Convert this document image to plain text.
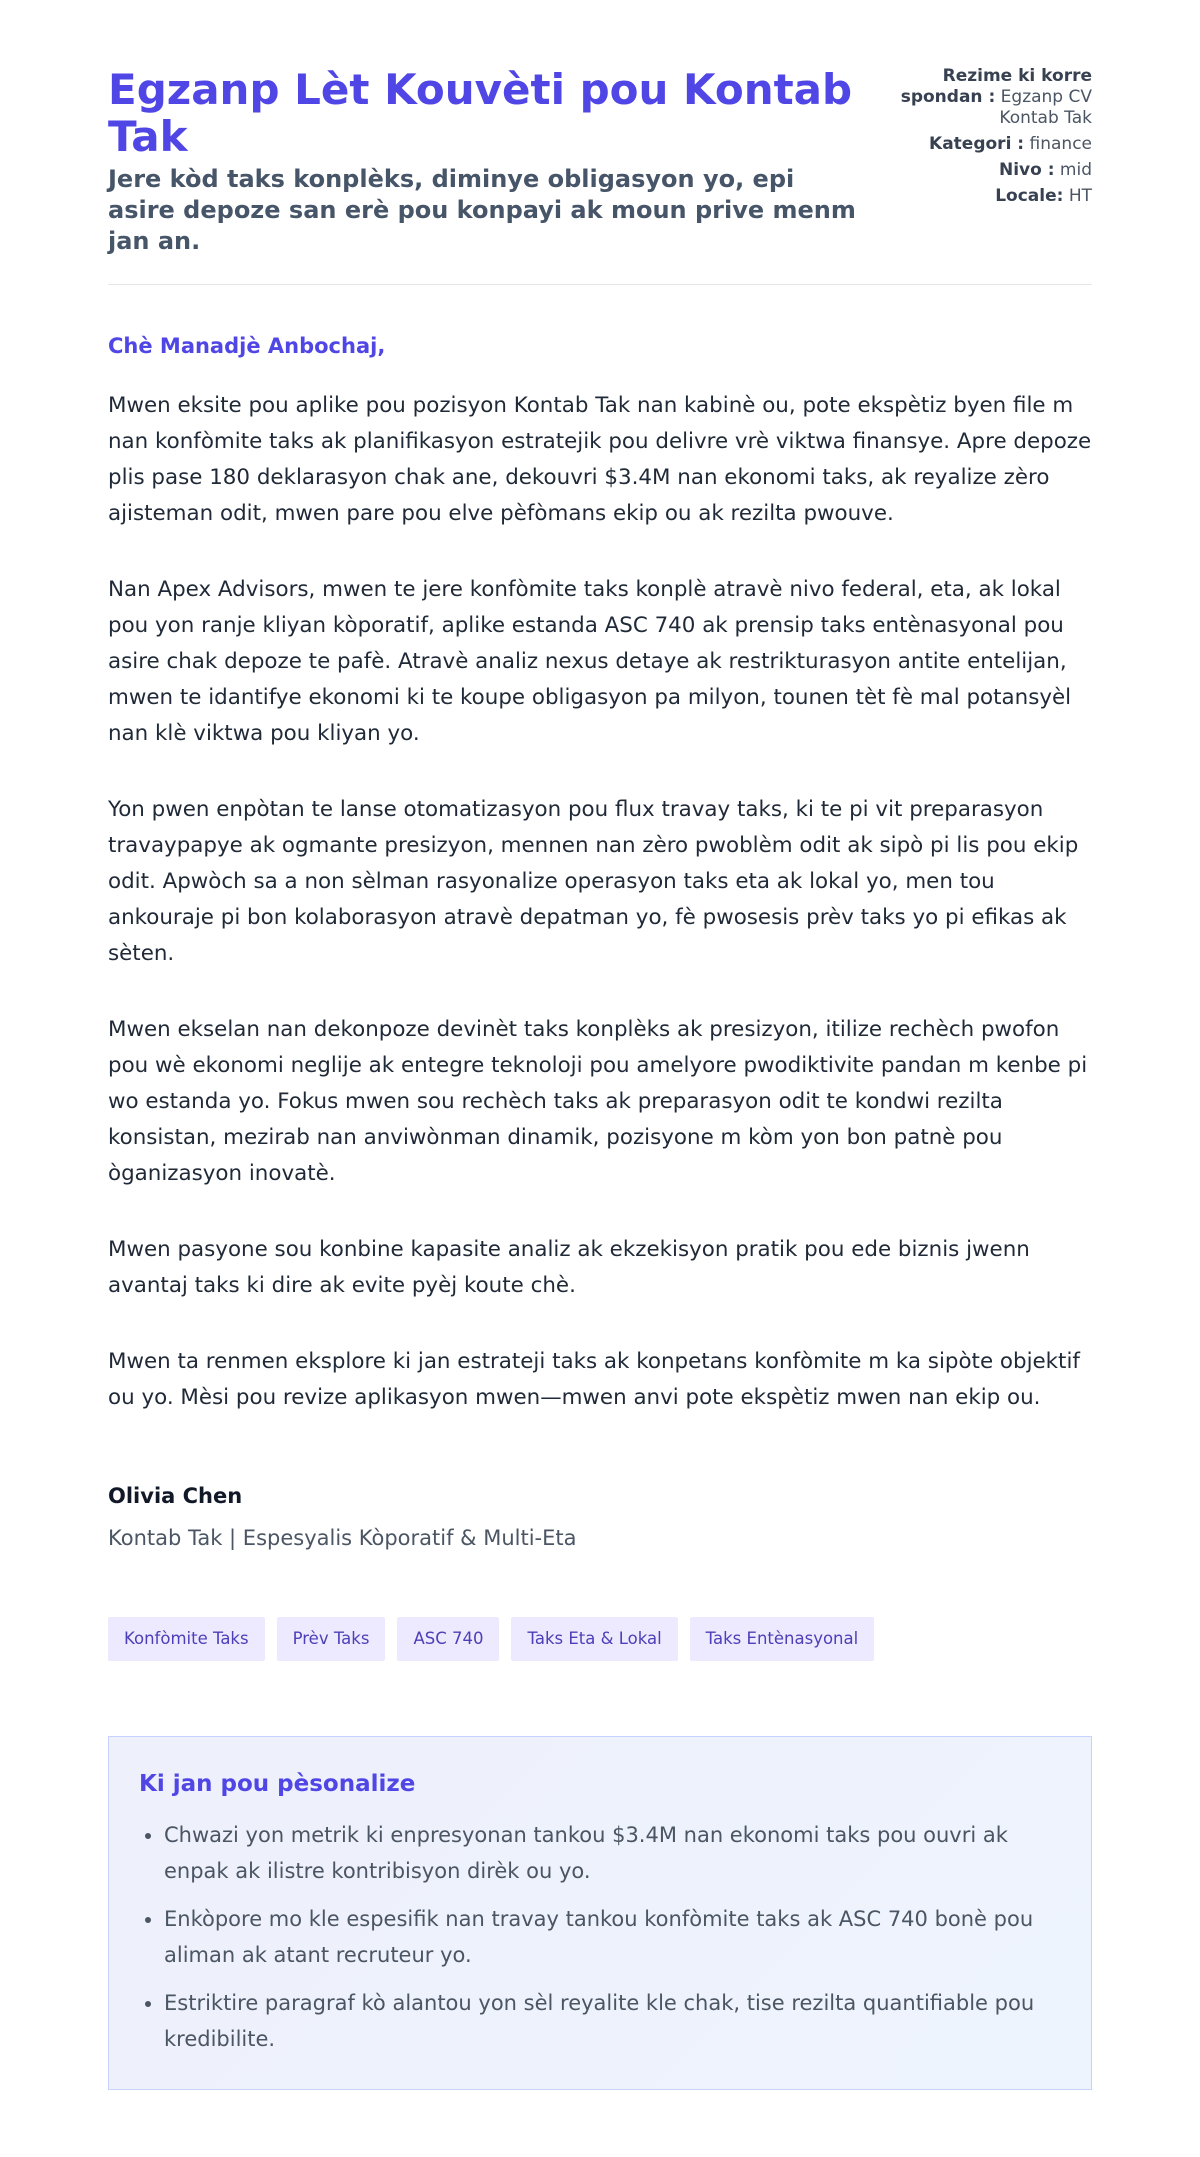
Egzanp Lèt Kouvèti pou Kontab Tak
Jere kòd taks konplèks, diminye obligasyon yo, epi asire depoze san erè pou konpayi ak moun prive menm jan an.
Rezime ki korre spondan : Egzanp CV Kontab Tak
Kategori : finance
Nivo : mid
Locale: HT
Chè Manadjè Anbochaj,

Mwen eksite pou aplike pou pozisyon Kontab Tak nan kabinè ou, pote ekspètiz byen file m nan konfòmite taks ak planifikasyon estratejik pou delivre vrè viktwa finansye. Apre depoze plis pase 180 deklarasyon chak ane, dekouvri $3.4M nan ekonomi taks, ak reyalize zèro ajisteman odit, mwen pare pou elve pèfòmans ekip ou ak rezilta pwouve.

Nan Apex Advisors, mwen te jere konfòmite taks konplè atravè nivo federal, eta, ak lokal pou yon ranje kliyan kòporatif, aplike estanda ASC 740 ak prensip taks entènasyonal pou asire chak depoze te pafè. Atravè analiz nexus detaye ak restrikturasyon antite entelijan, mwen te idantifye ekonomi ki te koupe obligasyon pa milyon, tounen tèt fè mal potansyèl nan klè viktwa pou kliyan yo.

Yon pwen enpòtan te lanse otomatizasyon pou flux travay taks, ki te pi vit preparasyon travaypapye ak ogmante presizyon, mennen nan zèro pwoblèm odit ak sipò pi lis pou ekip odit. Apwòch sa a non sèlman rasyonalize operasyon taks eta ak lokal yo, men tou ankouraje pi bon kolaborasyon atravè depatman yo, fè pwosesis prèv taks yo pi efikas ak sèten.

Mwen ekselan nan dekonpoze devinèt taks konplèks ak presizyon, itilize rechèch pwofon pou wè ekonomi neglije ak entegre teknoloji pou amelyore pwodiktivite pandan m kenbe pi wo estanda yo. Fokus mwen sou rechèch taks ak preparasyon odit te kondwi rezilta konsistan, mezirab nan anviwònman dinamik, pozisyone m kòm yon bon patnè pou òganizasyon inovatè.

Mwen pasyone sou konbine kapasite analiz ak ekzekisyon pratik pou ede biznis jwenn avantaj taks ki dire ak evite pyèj koute chè.

Mwen ta renmen eksplore ki jan estrateji taks ak konpetans konfòmite m ka sipòte objektif ou yo. Mèsi pou revize aplikasyon mwen—mwen anvi pote ekspètiz mwen nan ekip ou.

Olivia Chen
Kontab Tak | Espesyalis Kòporatif & Multi-Eta
Konfòmite Taks	Prèv Taks	ASC 740	Taks Eta & Lokal	Taks Entènasyonal
Ki jan pou pèsonalize
• Chwazi yon metrik ki enpresyonan tankou $3.4M nan ekonomi taks pou ouvri ak enpak ak ilistre kontribisyon dirèk ou yo.
• Enkòpore mo kle espesifik nan travay tankou konfòmite taks ak ASC 740 bonè pou aliman ak atant recruteur yo.
• Estriktire paragraf kò alantou yon sèl reyalite kle chak, tise rezilta quantifiable pou kredibilite.
